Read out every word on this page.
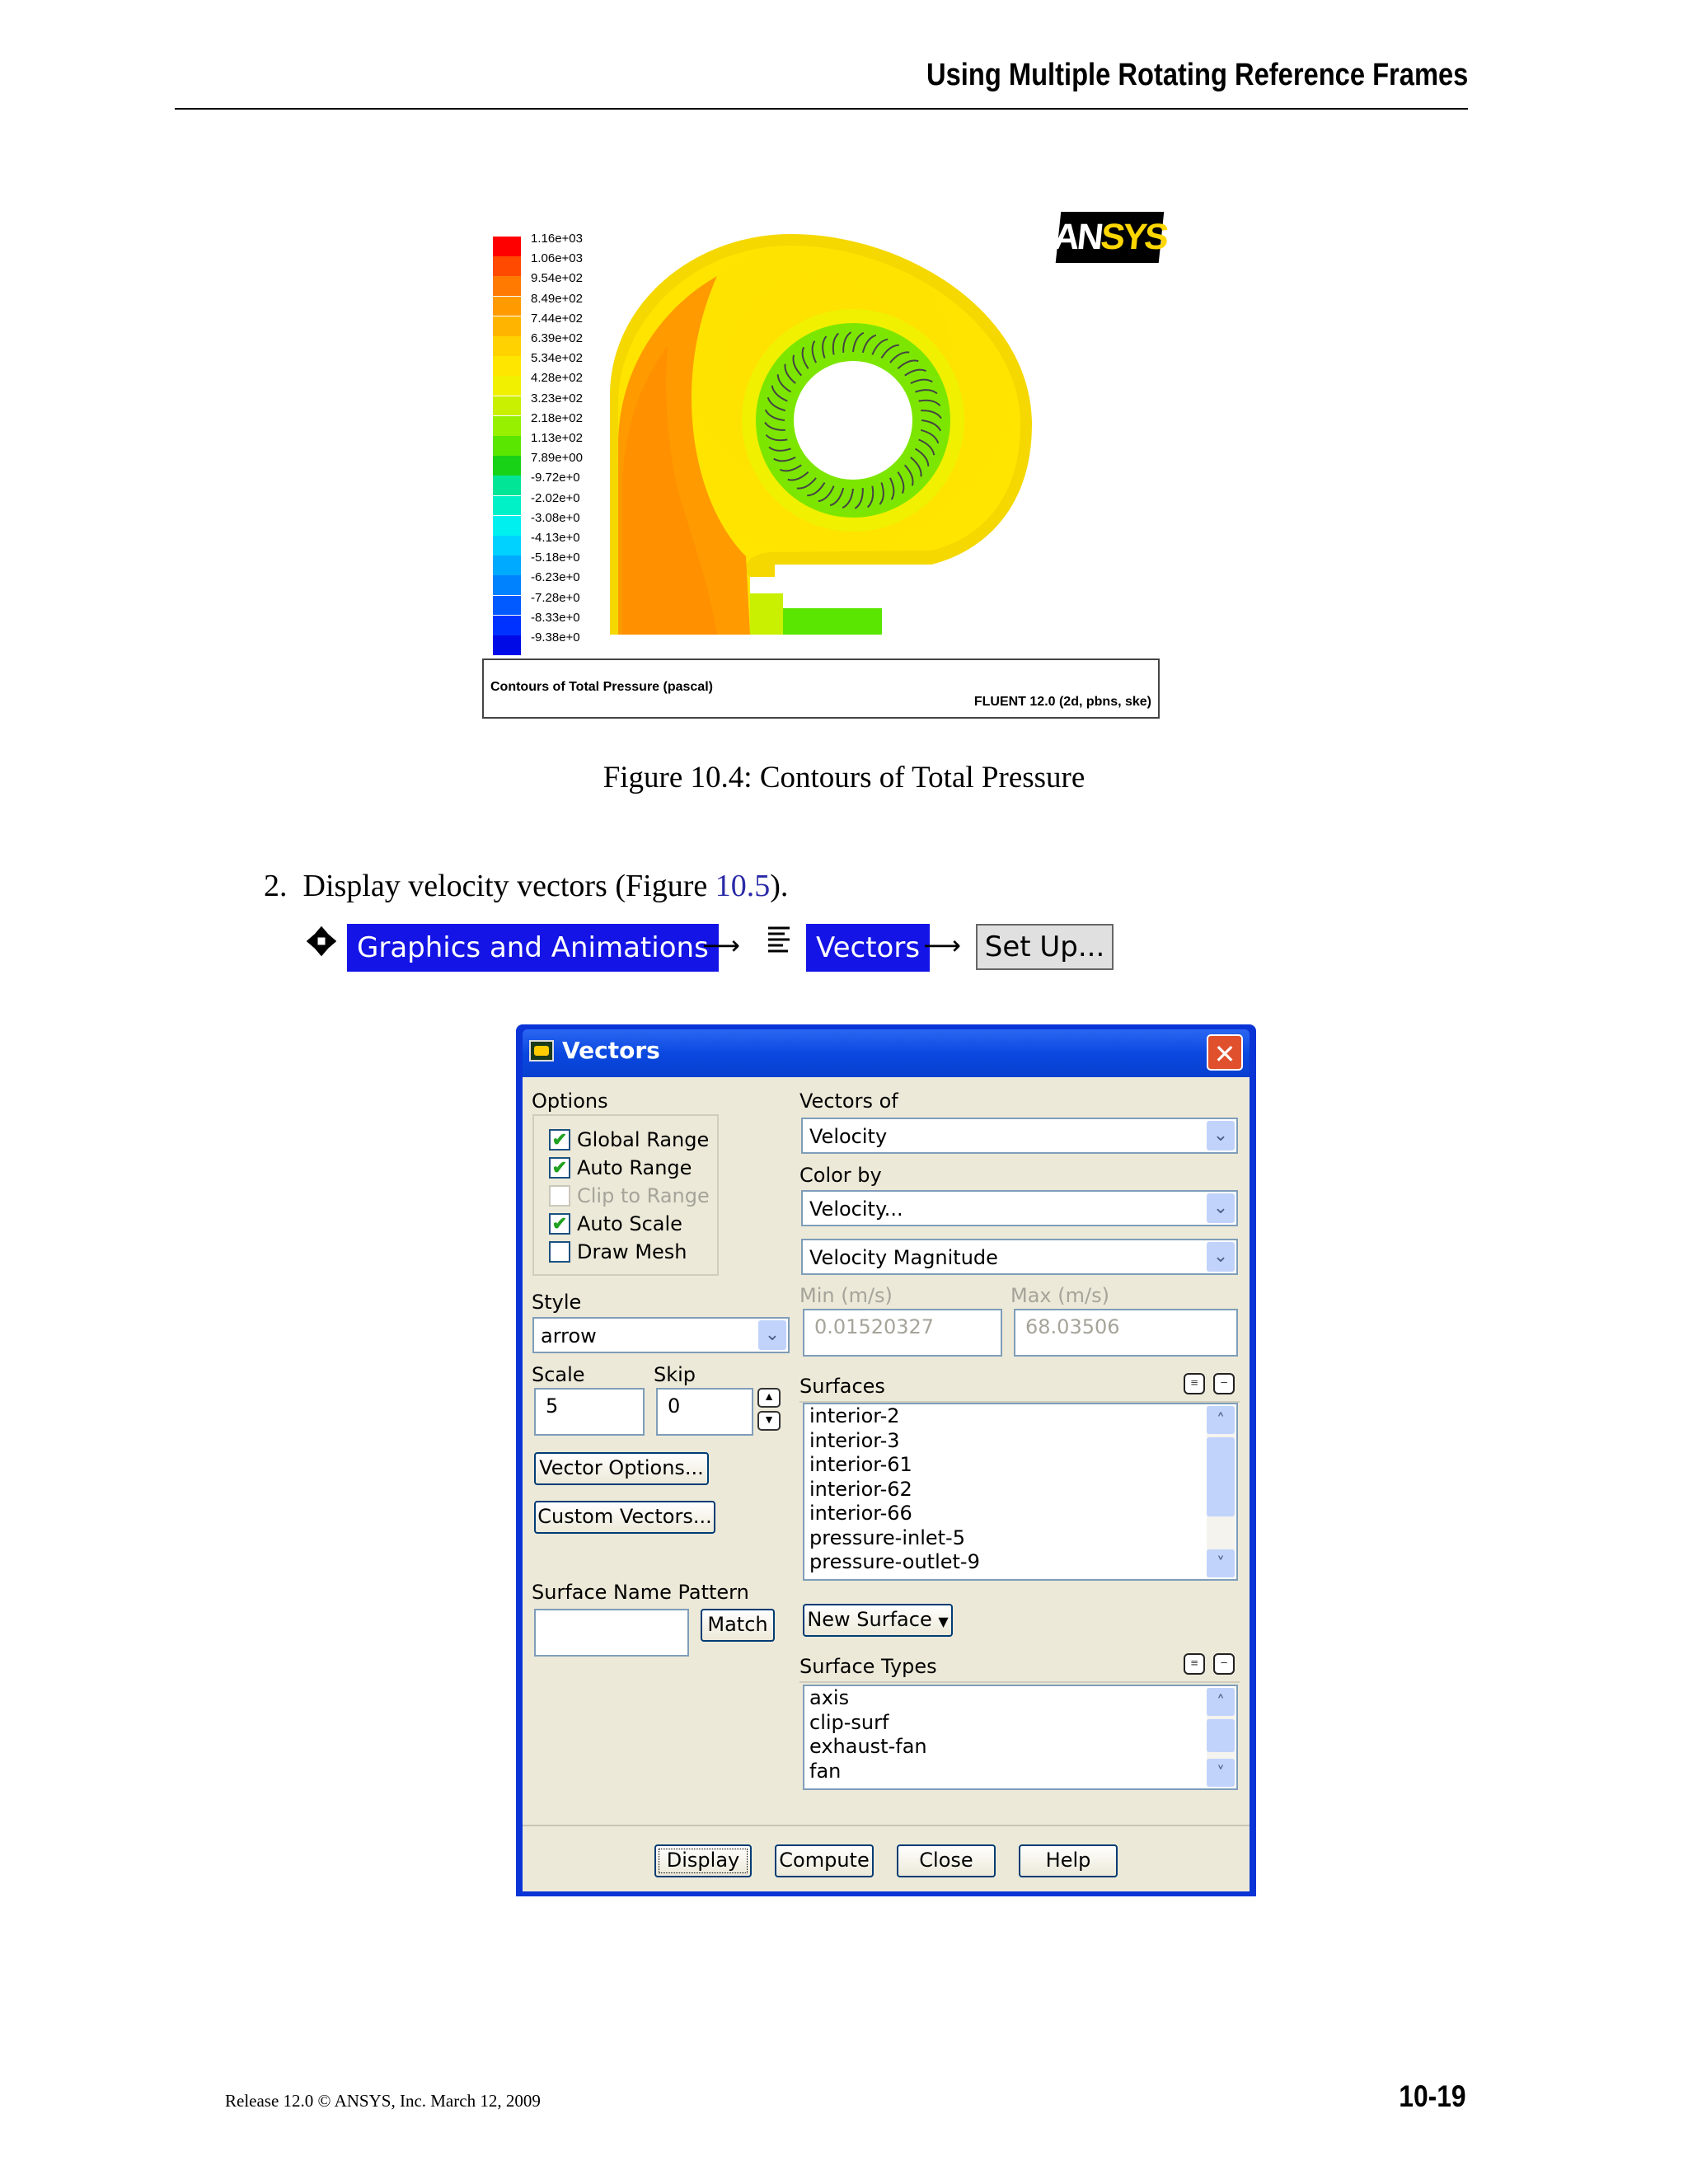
Using Multiple Rotating Reference Frames
1.16e+03
1.06e+03
9.54e+02
8.49e+02
7.44e+02
6.39e+02
5.34e+02
4.28e+02
3.23e+02
2.18e+02
1.13e+02
7.89e+00
-9.72e+0
-2.02e+0
-3.08e+0
-4.13e+0
-5.18e+0
-6.23e+0
-7.28e+0
-8.33e+0
-9.38e+0
AN
SYS
Contours of Total Pressure (pascal)
FLUENT 12.0 (2d, pbns, ske)
Figure 10.4: Contours of Total Pressure
2. Display velocity vectors (Figure 10.5).
Graphics and Animations
⟶	Vectors ⟶ Set Up...
Vectors	✕
Options
✔ Global Range
✔ Auto Range
Clip to Range
✔ Auto Scale
Draw Mesh
Style
arrow	⌄
Scale
5
Skip
0	▲
▼
Vector Options...
Custom Vectors...
Surface Name Pattern
Match
Vectors of
Velocity	⌄
Color by
Velocity...	⌄
Velocity Magnitude	⌄
Min (m/s)
0.01520327
Max (m/s)
68.03506
Surfaces	≡	−
˄
˅
interior-2
interior-3
interior-61
interior-62
interior-66
pressure-inlet-5
pressure-outlet-9
New Surface ▼
Surface Types	≡	−
˄
˅
axis
clip-surf
exhaust-fan
fan
Display	Compute	Close	Help
Release 12.0 © ANSYS, Inc. March 12, 2009	10-19
